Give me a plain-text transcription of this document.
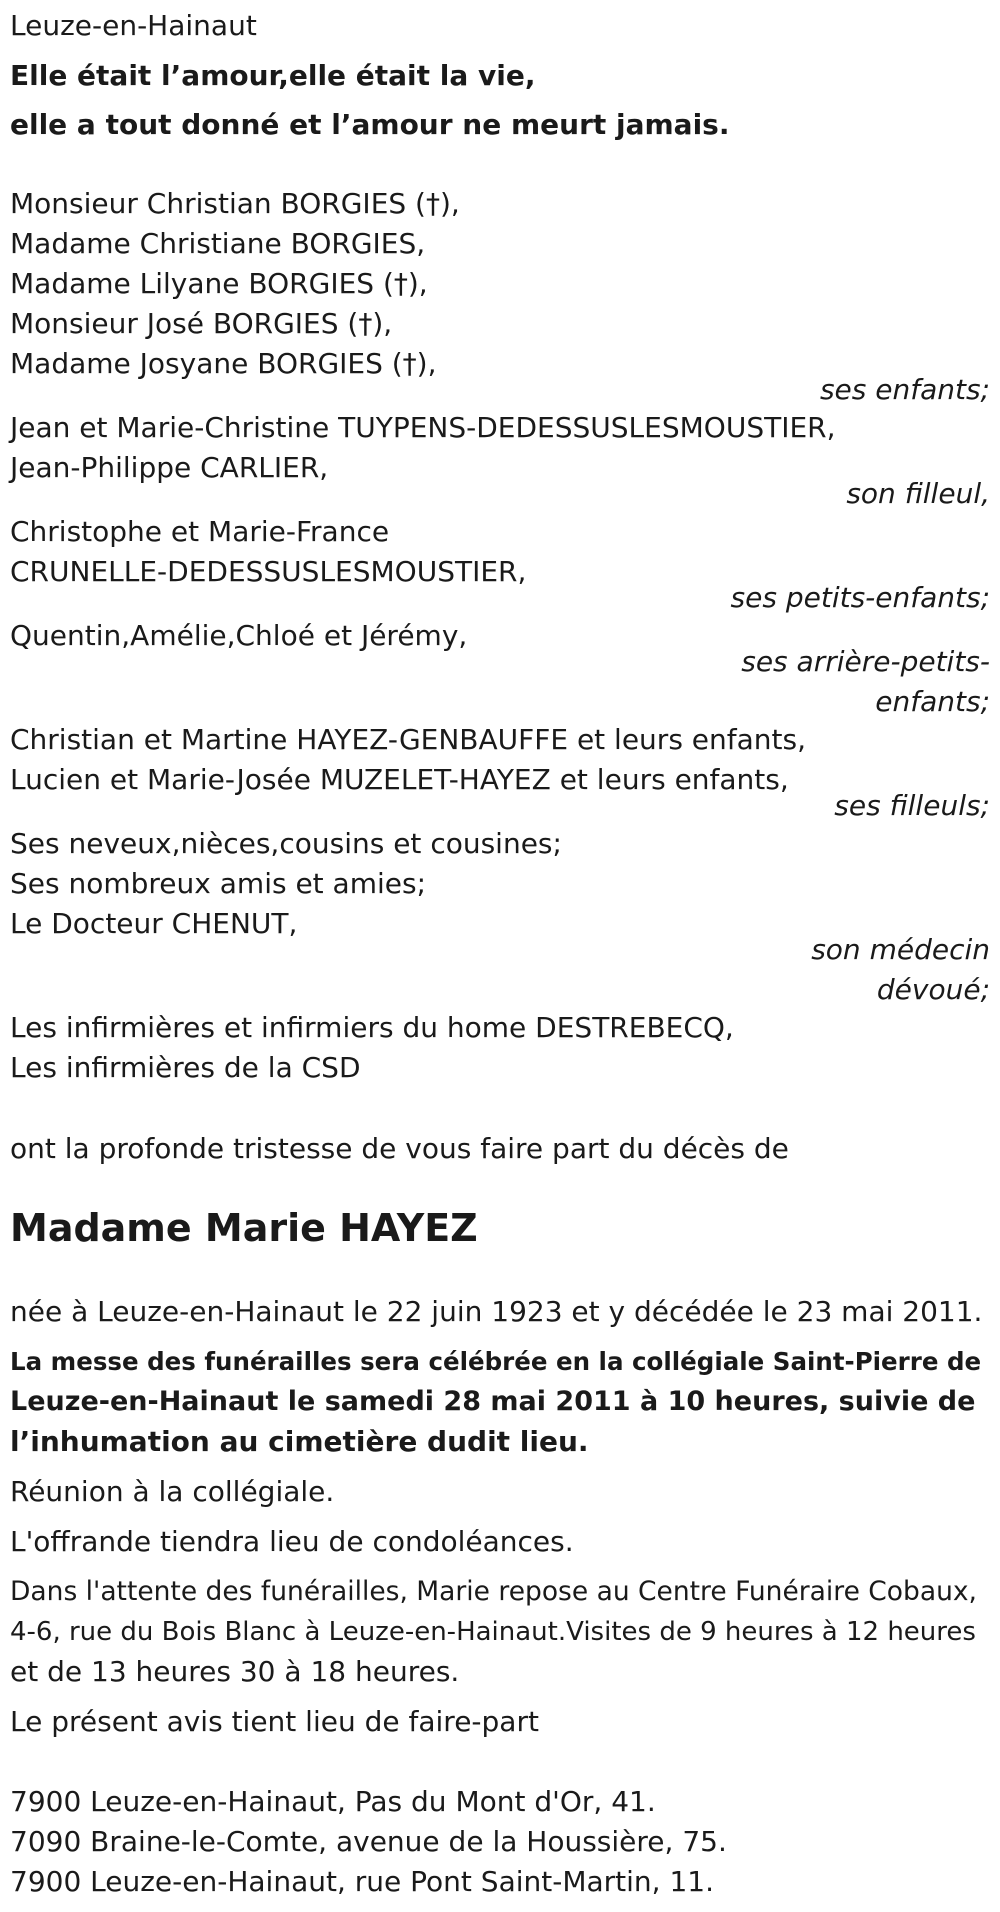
Leuze-en-Hainaut
Elle était l’amour,elle était la vie,
elle a tout donné et l’amour ne meurt jamais.
Monsieur Christian BORGIES (†),
Madame Christiane BORGIES,
Madame Lilyane BORGIES (†),
Monsieur José BORGIES (†),
Madame Josyane BORGIES (†),
ses enfants;
Jean et Marie-Christine TUYPENS-DEDESSUSLESMOUSTIER,
Jean-Philippe CARLIER,
son filleul,
Christophe et Marie-France
CRUNELLE-DEDESSUSLESMOUSTIER,
ses petits-enfants;
Quentin,Amélie,Chloé et Jérémy,
ses arrière-petits-
enfants;
Christian et Martine HAYEZ-GENBAUFFE et leurs enfants,
Lucien et Marie-Josée MUZELET-HAYEZ et leurs enfants,
ses filleuls;
Ses neveux,nièces,cousins et cousines;
Ses nombreux amis et amies;
Le Docteur CHENUT,
son médecin
dévoué;
Les infirmières et infirmiers du home DESTREBECQ,
Les infirmières de la CSD
ont la profonde tristesse de vous faire part du décès de
Madame Marie HAYEZ
née à Leuze-en-Hainaut le 22 juin 1923 et y décédée le 23 mai 2011.
La messe des funérailles sera célébrée en la collégiale Saint-Pierre de
Leuze-en-Hainaut le samedi 28 mai 2011 à 10 heures, suivie de
l’inhumation au cimetière dudit lieu.
Réunion à la collégiale.
L'offrande tiendra lieu de condoléances.
Dans l'attente des funérailles, Marie repose au Centre Funéraire Cobaux,
4-6, rue du Bois Blanc à Leuze-en-Hainaut.Visites de 9 heures à 12 heures
et de 13 heures 30 à 18 heures.
Le présent avis tient lieu de faire-part
7900 Leuze-en-Hainaut, Pas du Mont d'Or, 41.
7090 Braine-le-Comte, avenue de la Houssière, 75.
7900 Leuze-en-Hainaut, rue Pont Saint-Martin, 11.
